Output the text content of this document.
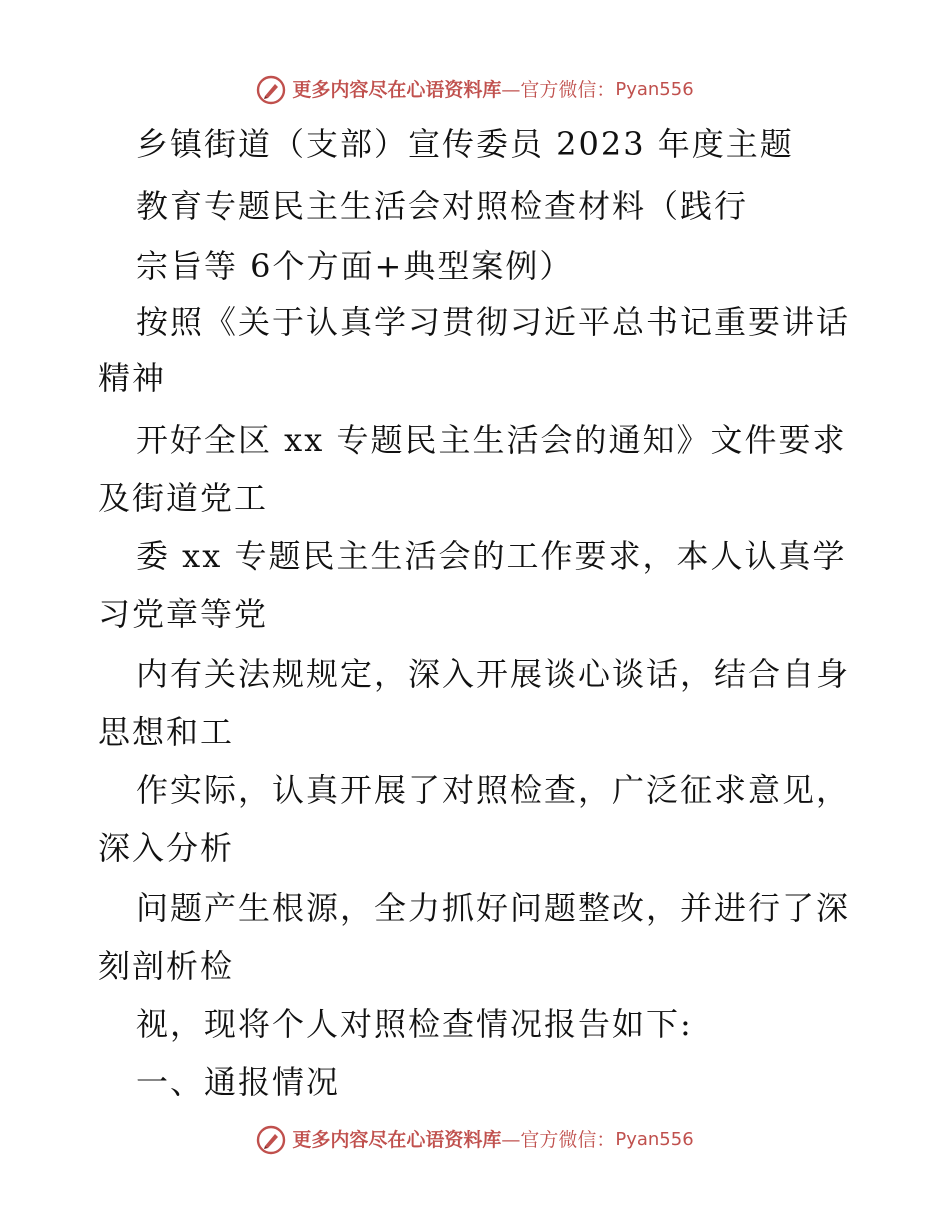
更多内容尽在心语资料库 — 官方微信： Pyan556
乡镇街道（支部）宣传委员 2023 年度主题
教育专题民主生活会对照检查材料（践行
宗旨等 6个方面+典型案例）
按照《关于认真学习贯彻习近平总书记重要讲话
精神
开好全区 xx 专题民主生活会的通知》文件要求
及街道党工
委 xx 专题民主生活会的工作要求，本人认真学
习党章等党
内有关法规规定，深入开展谈心谈话，结合自身
思想和工
作实际，认真开展了对照检查，广泛征求意见，
深入分析
问题产生根源，全力抓好问题整改，并进行了深
刻剖析检
视，现将个人对照检查情况报告如下:
一、通报情况
更多内容尽在心语资料库 — 官方微信： Pyan556
